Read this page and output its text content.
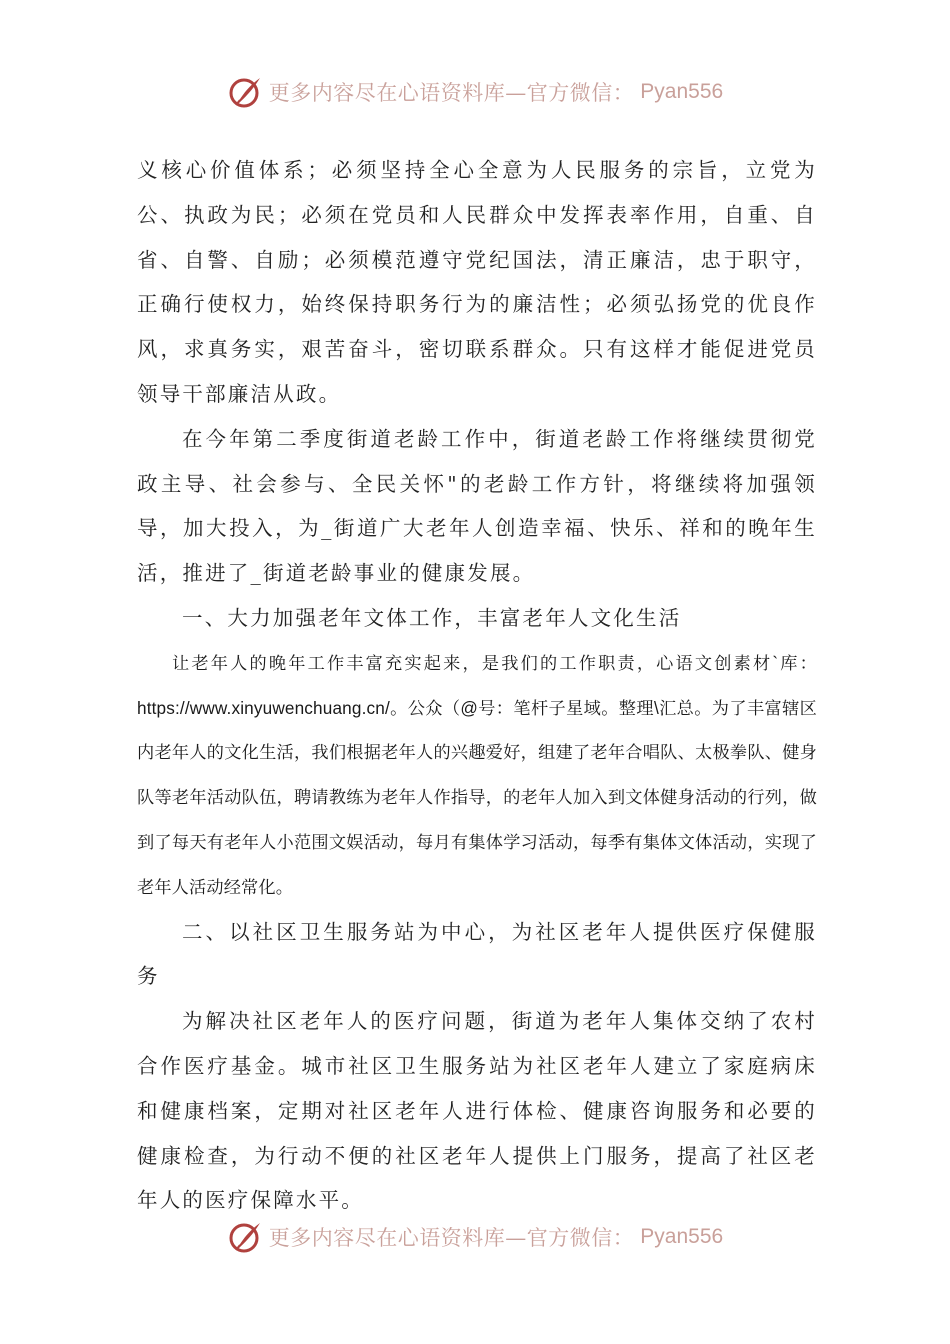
更多内容尽在心语资料库—官方微信： Pyan556

义核心价值体系；必须坚持全心全意为人民服务的宗旨，立党为公、执政为民；必须在党员和人民群众中发挥表率作用，自重、自省、自警、自励；必须模范遵守党纪国法，清正廉洁，忠于职守，正确行使权力，始终保持职务行为的廉洁性；必须弘扬党的优良作风，求真务实，艰苦奋斗，密切联系群众。只有这样才能促进党员领导干部廉洁从政。

在今年第二季度街道老龄工作中，街道老龄工作将继续贯彻党政主导、社会参与、全民关怀"的老龄工作方针，将继续将加强领导，加大投入，为_街道广大老年人创造幸福、快乐、祥和的晚年生活，推进了_街道老龄事业的健康发展。

一、大力加强老年文体工作，丰富老年人文化生活

让老年人的晚年工作丰富充实起来，是我们的工作职责，心语文创素材`库：https://www.xinyuwenchuang.cn/。公众（@号：笔杆子星域。整理\汇总。为了丰富辖区内老年人的文化生活，我们根据老年人的兴趣爱好，组建了老年合唱队、太极拳队、健身队等老年活动队伍，聘请教练为老年人作指导，的老年人加入到文体健身活动的行列，做到了每天有老年人小范围文娱活动，每月有集体学习活动，每季有集体文体活动，实现了老年人活动经常化。

二、以社区卫生服务站为中心，为社区老年人提供医疗保健服务

为解决社区老年人的医疗问题，街道为老年人集体交纳了农村合作医疗基金。城市社区卫生服务站为社区老年人建立了家庭病床和健康档案，定期对社区老年人进行体检、健康咨询服务和必要的健康检查，为行动不便的社区老年人提供上门服务，提高了社区老年人的医疗保障水平。

更多内容尽在心语资料库—官方微信： Pyan556
